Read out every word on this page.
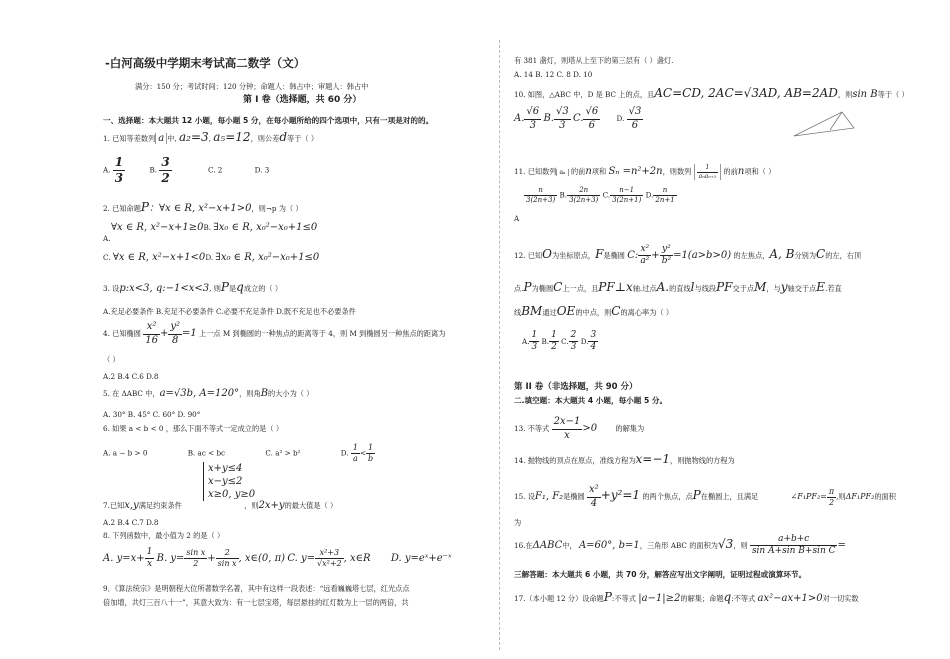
-白河高级中学期末考试高二数学（文）
满分：150 分；考试时间：120 分钟；命题人：韩占中；审题人：韩占中
第 I 卷（选择题，共 60 分）
一、选择题：本大题共 12 小题，每小题 5 分，在每小题所给的四个选项中，只有一项是对的的。
1. 已知等差数列 a 中, a₂=3, a₅=12，则公差d等于（ ）
A. $\frac{1}{3}$	B. $\frac{3}{2}$	C. 2	D. 3
2. 已知命题P：∀x ∈ R, x²−x+1>0，则¬p 为（ ）
∀x ∈ R, x²−x+1≥0B. ∃x₀ ∈ R, x₀²−x₀+1≤0
A.
C. ∀x ∈ R, x²−x+1<0D. ∃x₀ ∈ R, x₀²−x₀+1≤0
3. 设p:x<3, q:−1<x<3, 则P是q成立的（ ）
A.充足必要条件 B.充足不必要条件 C.必要不充足条件 D.既不充足也不必要条件
4. 已知椭圆 $\frac{\text{x²}}{16} + \frac{\text{y²}}{8} =1$ 上一点 M 到椭圆的一种焦点的距离等于 4，则 M 到椭圆另一种焦点的距离为
（ ）
A.2 B.4 C.6 D.8
5. 在 ΔABC 中，a=√3b, A=120°，则角B的大小为（ ）
A. 30° B. 45° C. 60° D. 90°
6. 如果 a < b < 0 ，那么下面不等式一定成立的是（ ）
A. a − b > 0	B. ac < bc	C. a² > b²	D. $\frac{1}{a} < \frac{1}{b}$
x+y≤4
x−y≤2
x≥0, y≥0
7.已知x,y满足约束条件	，则2x+y的最大值是（ ）
A.2 B.4 C.7 D.8
8. 下列函数中，最小值为 2 的是（ ）
A. $y=x+ \frac{1}{x} B$. $y= \frac{\text{sin x}}{2} + \frac{2}{\text{sin x}}$ , x∈(0, π) C. $y= \frac{\text{x²+3}}{\text{√x²+2}}$ , x∈R D. y=eˣ+e⁻ˣ
9．《算法统宗》是明朝程大位所著数学名著，其中有这样一段表述：“远看巍巍塔七层，红光点点
倍加增，共灯三百八十一”，其意大致为：有一七层宝塔，每层悬挂的红灯数为上一层的两倍，共
有 381 盏灯，则塔从上至下的第三层有（ ）盏灯.
A. 14 B. 12 C. 8 D. 10
10. 如图，△ABC 中，D 是 BC 上的点，且AC=CD, 2AC=√3AD, AB=2AD，则sin B等于（ ）
A. $\frac{√6}{3} B$. $\frac{√3}{3} C$. $\frac{√6}{6} D$. $\frac{√3}{6}$
11. 已知数列 aₙ 的前n项和 Sₙ =n²+2n，则数列 $\frac{1}{\text{aₙaₙ₊₁}}$ 的前n项和（ ）
$\frac{n}{3(2n+3)} B$. $\frac{2n}{3(2n+3)} C$. $\frac{n-1}{3(2n+1)} D$. $\frac{n}{2n+1}$
A
12. 已知O为坐标原点，F是椭圆 C: $\frac{\text{x²}}{\text{a²}} + \frac{\text{y²}}{\text{b²}} =1(a>b>0)$ 的左焦点，A, B分别为C的左，右顶
点.P为椭圆C上一点，且PF⊥x轴.过点A.的直线l与线段PF交于点M，与y轴交于点E.若直
线BM通过OE的中点，则C的离心率为（ ）
A. $\frac{1}{3} B$. $\frac{1}{2} C$. $\frac{2}{3} D$. $\frac{3}{4}$
第 II 卷（非选择题，共 90 分）
二.填空题：本大题共 4 小题，每小题 5 分。
13. 不等式 $\frac{2x-1}{x} >0$	的解集为
14. 抛物线的顶点在原点，准线方程为x=−1，则抛物线的方程为
15. 设F₁, F₂是椭圆 $\frac{\text{x²}}{4} +y^2=1$ 的两个焦点，点P在椭圆上，且满足	∠F₁PF₂= $\frac{\pi}{2}$ ,则ΔF₁PF₂的面积
为
16.在ΔABC中， A=60°, b=1，三角形 ABC 的面积为√3，则 $\frac{a+b+c}{\text{sin A+sin B+sin C}}$ =
三解答题：本大题共 6 小题，共 70 分，解答应写出文字阐明，证明过程或演算环节。
17.（本小题 12 分）设命题P:不等式 |a−1|≥2的解集；命题q:不等式 ax²−ax+1>0对一切实数
